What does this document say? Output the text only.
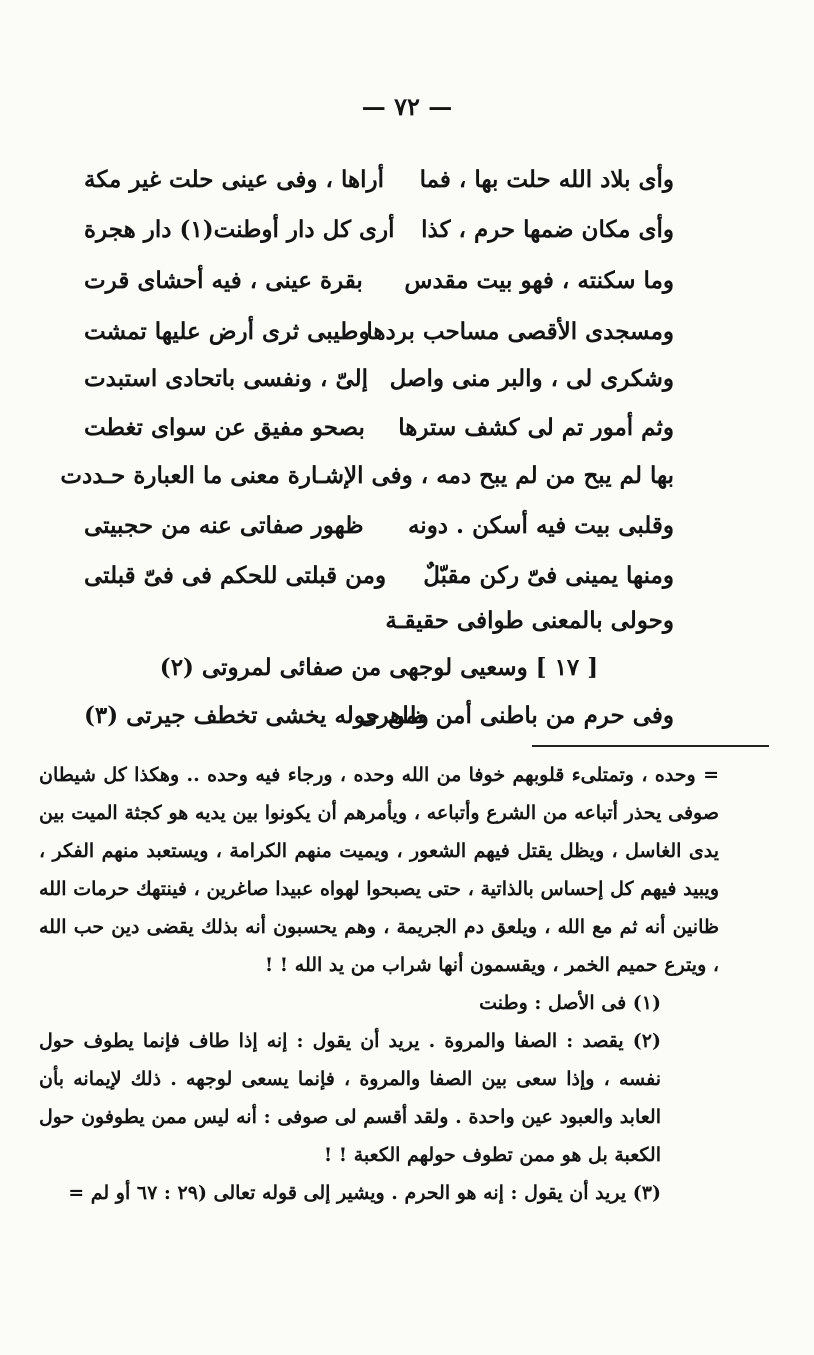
— ٧٢ —
وأى بلاد الله حلت بها ، فما
أراها ، وفى عينى حلت غير مكة
وأى مكان ضمها حرم ، كذا
أرى كل دار أوطنت(١) دار هجرة
وما سكنته ، فهو بيت مقدس
بقرة عينى ، فيه أحشاى قرت
ومسجدى الأقصى مساحب بردها
وطيبى ثرى أرض عليها تمشت
وشكرى لى ، والبر منى واصل
إلىّ ، ونفسى باتحادى استبدت
وثم أمور تم لى كشف سترها
بصحو مفيق عن سواى تغطت
بها لم يبح من لم يبح دمه ، وفى الإشـارة معنى ما العبارة حـددت
وقلبى بيت فيه أسكن . دونه
ظهور صفاتى عنه من حجبيتى
ومنها يمينى فىّ ركن مقبّلٌ
ومن قبلتى للحكم فى فىّ قبلتى
وحولى بالمعنى طوافى حقيقـة
[ ١٧ ] وسعيى لوجهى من صفائى لمروتى (٢)
وفى حرم من باطنى أمن ظاهرى
ومن حوله يخشى تخطف جيرتى (٣)

= وحده ، وتمتلىء قلوبهم خوفا من الله وحده ، ورجاء فيه وحده .. وهكذا كل شيطان صوفى يحذر أتباعه من الشرع وأتباعه ، ويأمرهم أن يكونوا بين يديه هو كجثة الميت بين يدى الغاسل ، ويظل يقتل فيهم الشعور ، ويميت منهم الكرامة ، ويستعبد منهم الفكر ، ويبيد فيهم كل إحساس بالذاتية ، حتى يصبحوا لهواه عبيدا صاغرين ، فينتهك حرمات الله ظانين أنه ثم مع الله ، ويلعق دم الجريمة ، وهم يحسبون أنه بذلك يقضى دين حب الله ، ويترع حميم الخمر ، ويقسمون أنها شراب من يد الله ! !

(١) فى الأصل : وطنت

(٢) يقصد : الصفا والمروة . يريد أن يقول : إنه إذا طاف فإنما يطوف حول نفسه ، وإذا سعى بين الصفا والمروة ، فإنما يسعى لوجهه . ذلك لإيمانه بأن العابد والعبود عين واحدة . ولقد أقسم لى صوفى : أنه ليس ممن يطوفون حول الكعبة بل هو ممن تطوف حولهم الكعبة ! !

(٣) يريد أن يقول : إنه هو الحرم . ويشير إلى قوله تعالى (٢٩ : ٦٧ أو لم =
